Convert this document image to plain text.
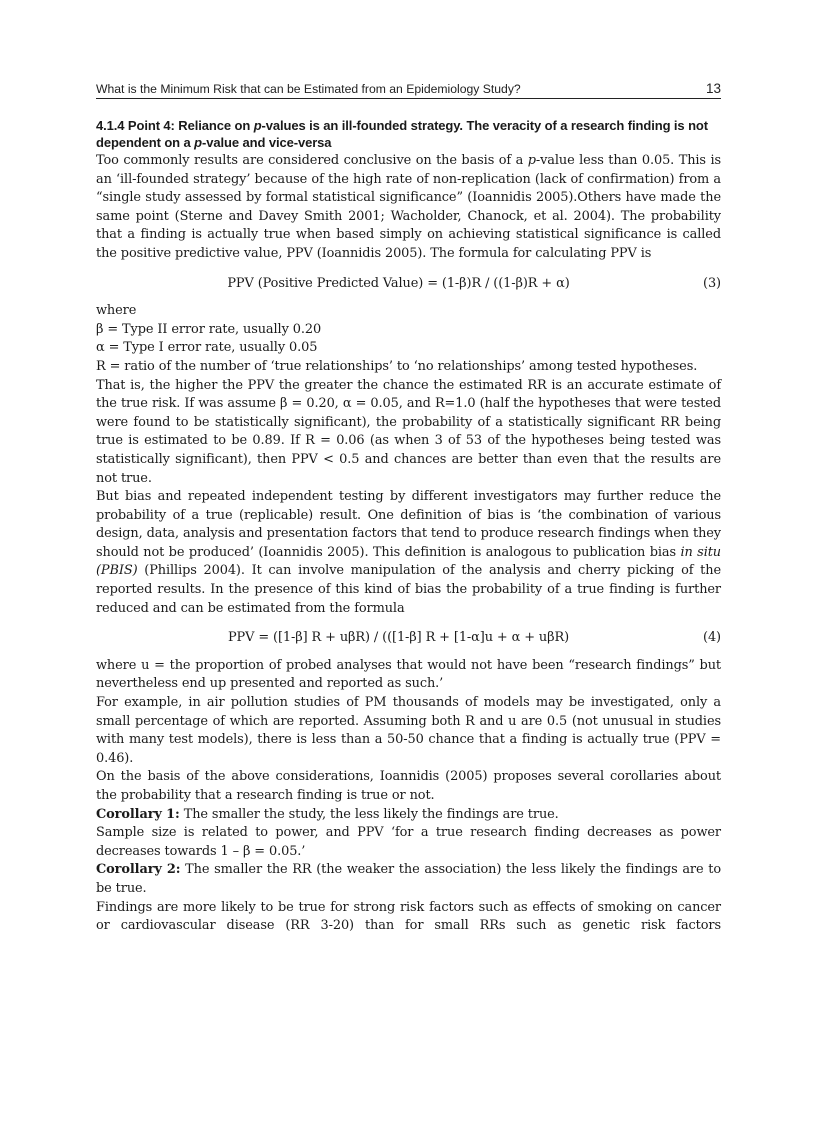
What is the Minimum Risk that can be Estimated from an Epidemiology Study?	13
4.1.4 Point 4: Reliance on p-values is an ill-founded strategy. The veracity of a research finding is not dependent on a p-value and vice-versa

Too commonly results are considered conclusive on the basis of a p-value less than 0.05. This is an ‘ill-founded strategy’ because of the high rate of non-replication (lack of confirmation) from a “single study assessed by formal statistical significance” (Ioannidis 2005).Others have made the same point (Sterne and Davey Smith 2001; Wacholder, Chanock, et al. 2004). The probability that a finding is actually true when based simply on achieving statistical significance is called the positive predictive value, PPV (Ioannidis 2005). The formula for calculating PPV is

PPV (Positive Predicted Value) = (1-β)R / ((1-β)R + α)	(3)

where

β = Type II error rate, usually 0.20

α = Type I error rate, usually 0.05

R = ratio of the number of ‘true relationships’ to ‘no relationships’ among tested hypotheses.

That is, the higher the PPV the greater the chance the estimated RR is an accurate estimate of the true risk. If was assume β = 0.20, α = 0.05, and R=1.0 (half the hypotheses that were tested were found to be statistically significant), the probability of a statistically significant RR being true is estimated to be 0.89. If R = 0.06 (as when 3 of 53 of the hypotheses being tested was statistically significant), then PPV < 0.5 and chances are better than even that the results are not true.

But bias and repeated independent testing by different investigators may further reduce the probability of a true (replicable) result. One definition of bias is ‘the combination of various design, data, analysis and presentation factors that tend to produce research findings when they should not be produced’ (Ioannidis 2005). This definition is analogous to publication bias in situ (PBIS) (Phillips 2004). It can involve manipulation of the analysis and cherry picking of the reported results. In the presence of this kind of bias the probability of a true finding is further reduced and can be estimated from the formula

PPV = ([1-β] R + uβR) / (([1-β] R + [1-α]u + α + uβR)	(4)

where u = the proportion of probed analyses that would not have been “research findings” but nevertheless end up presented and reported as such.’

For example, in air pollution studies of PM thousands of models may be investigated, only a small percentage of which are reported. Assuming both R and u are 0.5 (not unusual in studies with many test models), there is less than a 50-50 chance that a finding is actually true (PPV = 0.46).

On the basis of the above considerations, Ioannidis (2005) proposes several corollaries about the probability that a research finding is true or not.

Corollary 1: The smaller the study, the less likely the findings are true.

Sample size is related to power, and PPV ‘for a true research finding decreases as power decreases towards 1 – β = 0.05.’

Corollary 2: The smaller the RR (the weaker the association) the less likely the findings are to be true.

Findings are more likely to be true for strong risk factors such as effects of smoking on cancer or cardiovascular disease (RR 3-20) than for small RRs such as genetic risk factors
